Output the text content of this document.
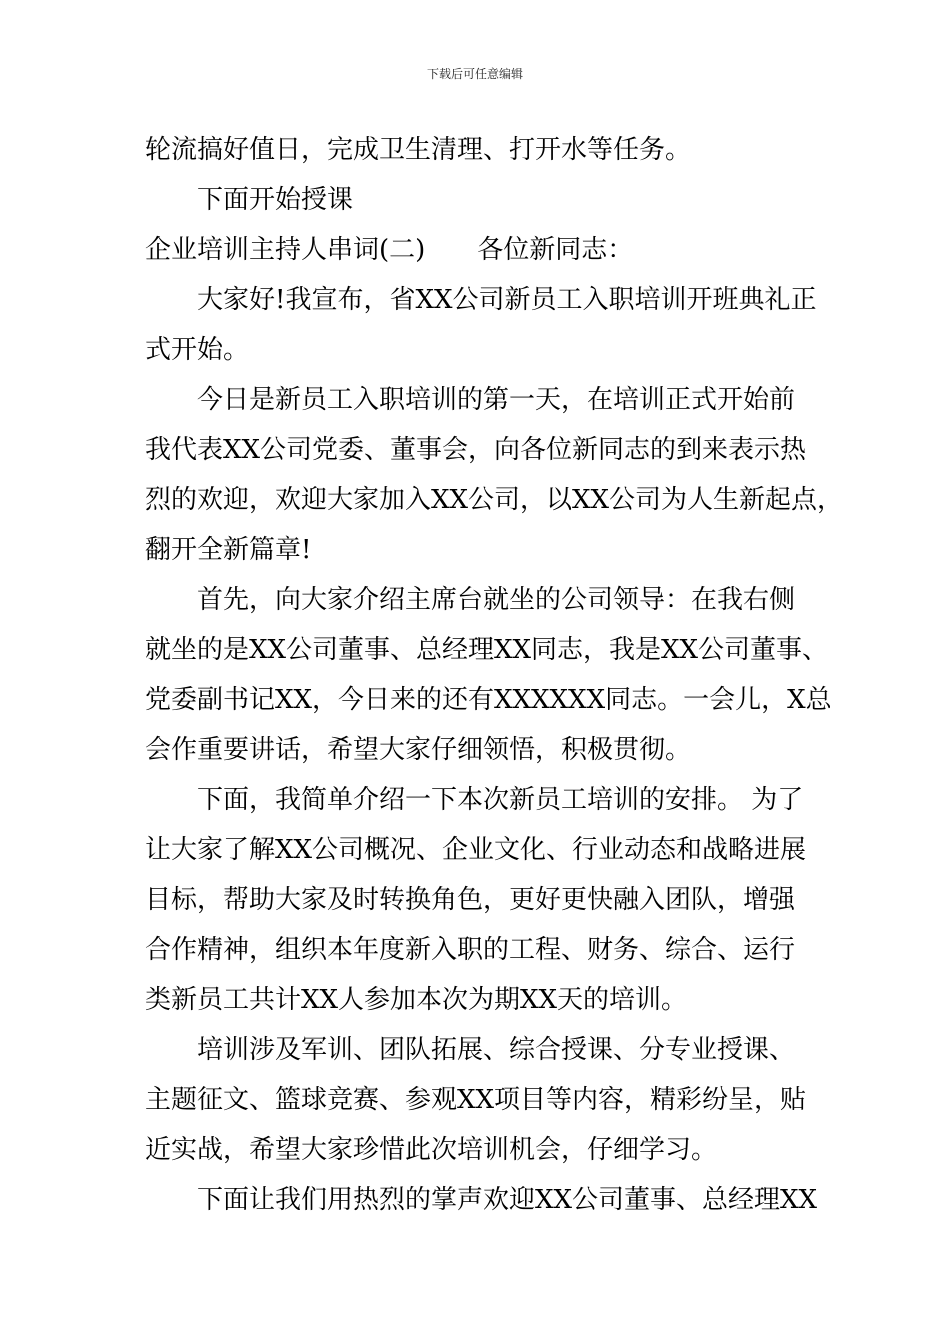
下载后可任意编辑
轮流搞好值日，完成卫生清理、打开水等任务。
下面开始授课
企业培训主持人串词(二)　　各位新同志：
大家好!我宣布，省XX公司新员工入职培训开班典礼正
式开始。
今日是新员工入职培训的第一天，在培训正式开始前
我代表XX公司党委、董事会，向各位新同志的到来表示热
烈的欢迎，欢迎大家加入XX公司，以XX公司为人生新起点，
翻开全新篇章!
首先，向大家介绍主席台就坐的公司领导：在我右侧
就坐的是XX公司董事、总经理XX同志，我是XX公司董事、
党委副书记XX，今日来的还有XXXXXX同志。一会儿，X总
会作重要讲话，希望大家仔细领悟，积极贯彻。
下面，我简单介绍一下本次新员工培训的安排。 为了
让大家了解XX公司概况、企业文化、行业动态和战略进展
目标，帮助大家及时转换角色，更好更快融入团队，增强
合作精神，组织本年度新入职的工程、财务、综合、运行
类新员工共计XX人参加本次为期XX天的培训。
培训涉及军训、团队拓展、综合授课、分专业授课、
主题征文、篮球竞赛、参观XX项目等内容，精彩纷呈，贴
近实战，希望大家珍惜此次培训机会，仔细学习。
下面让我们用热烈的掌声欢迎XX公司董事、总经理XX
